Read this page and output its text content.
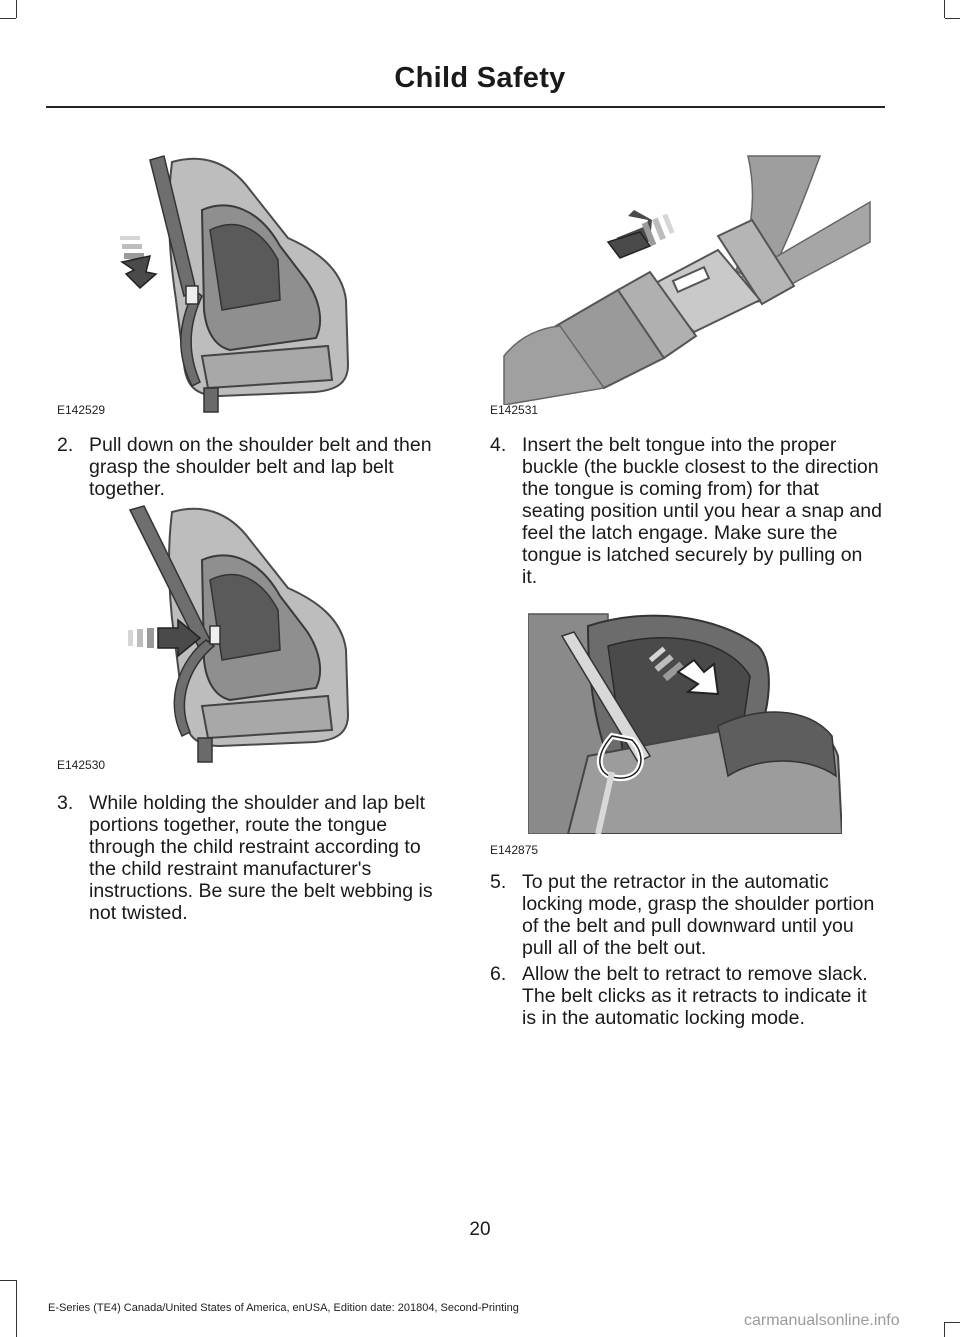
Child Safety
E142529	E142531
2. Pull down on the shoulder belt and then grasp the shoulder belt and lap belt together.
4. Insert the belt tongue into the proper buckle (the buckle closest to the direction the tongue is coming from) for that seating position until you hear a snap and feel the latch engage. Make sure the tongue is latched securely by pulling on it.
E142530
E142875
3. While holding the shoulder and lap belt portions together, route the tongue through the child restraint according to the child restraint manufacturer's instructions. Be sure the belt webbing is not twisted.
5. To put the retractor in the automatic locking mode, grasp the shoulder portion of the belt and pull downward until you pull all of the belt out.
6. Allow the belt to retract to remove slack. The belt clicks as it retracts to indicate it is in the automatic locking mode.
20
E-Series (TE4) Canada/United States of America, enUSA, Edition date: 201804, Second-Printing
carmanualsonline.info
